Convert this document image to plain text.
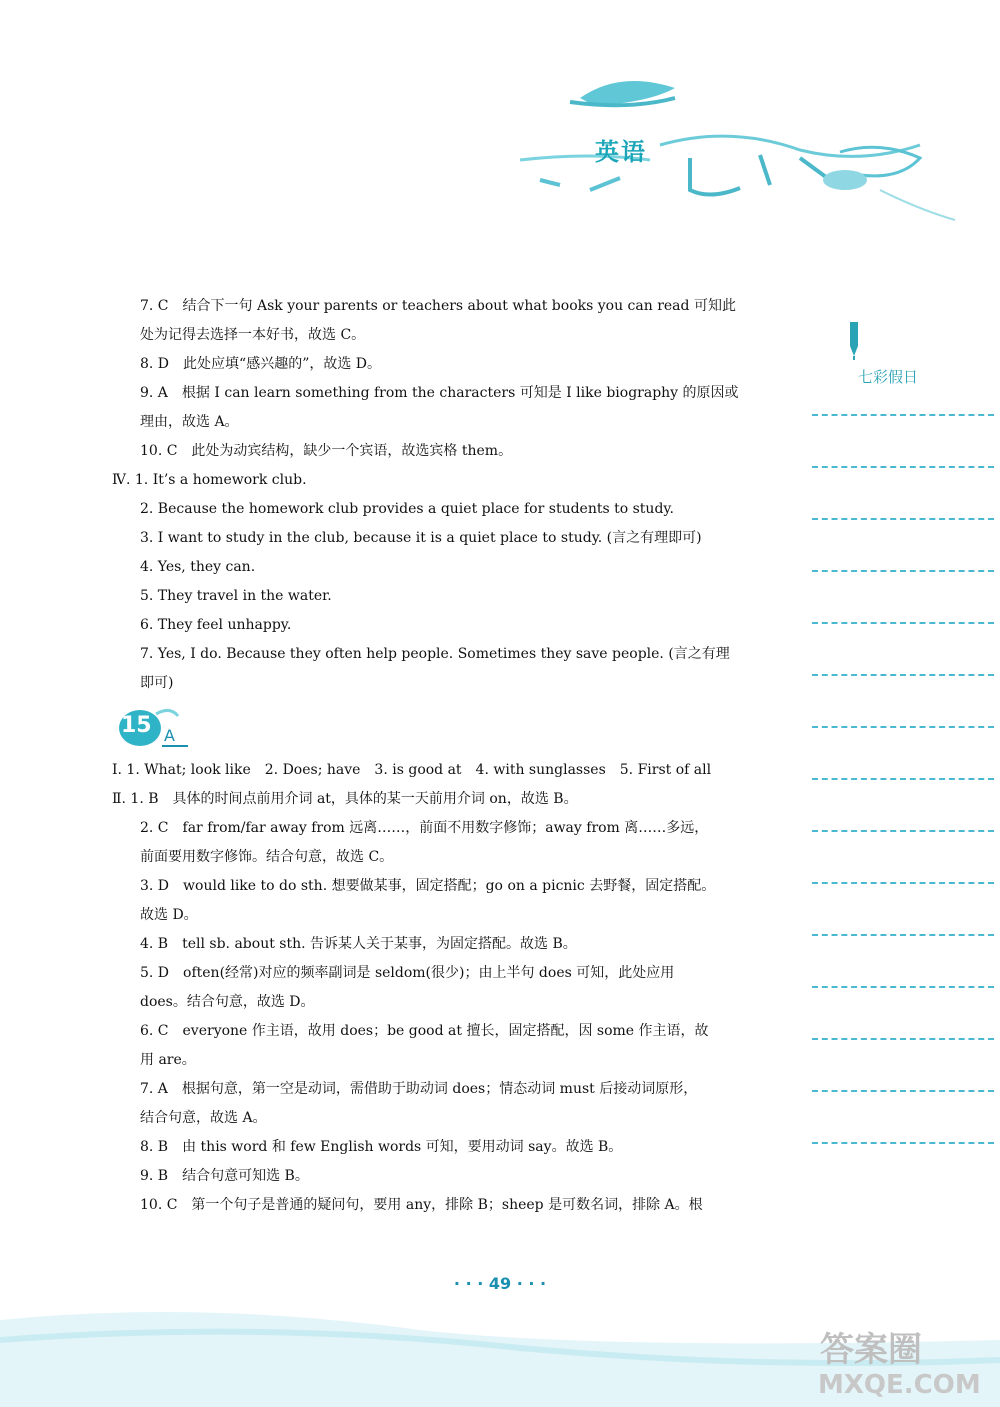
英语
七彩假日
7. C　结合下一句 Ask your parents or teachers about what books you can read 可知此
处为记得去选择一本好书，故选 C。
8. D　此处应填“感兴趣的”，故选 D。
9. A　根据 I can learn something from the characters 可知是 I like biography 的原因或
理由，故选 A。
10. C　此处为动宾结构，缺少一个宾语，故选宾格 them。
Ⅳ. 1. It’s a homework club.
2. Because the homework club provides a quiet place for students to study.
3. I want to study in the club, because it is a quiet place to study. (言之有理即可)
4. Yes, they can.
5. They travel in the water.
6. They feel unhappy.
7. Yes, I do. Because they often help people. Sometimes they save people. (言之有理
即可)
15 A
Ⅰ. 1. What; look like　2. Does; have　3. is good at　4. with sunglasses　5. First of all
Ⅱ. 1. B　具体的时间点前用介词 at，具体的某一天前用介词 on，故选 B。
2. C　far from/far away from 远离……，前面不用数字修饰；away from 离……多远，
前面要用数字修饰。结合句意，故选 C。
3. D　would like to do sth. 想要做某事，固定搭配；go on a picnic 去野餐，固定搭配。
故选 D。
4. B　tell sb. about sth. 告诉某人关于某事，为固定搭配。故选 B。
5. D　often(经常)对应的频率副词是 seldom(很少)；由上半句 does 可知，此处应用
does。结合句意，故选 D。
6. C　everyone 作主语，故用 does；be good at 擅长，固定搭配，因 some 作主语，故
用 are。
7. A　根据句意，第一空是动词，需借助于助动词 does；情态动词 must 后接动词原形，
结合句意，故选 A。
8. B　由 this word 和 few English words 可知，要用动词 say。故选 B。
9. B　结合句意可知选 B。
10. C　第一个句子是普通的疑问句，要用 any，排除 B；sheep 是可数名词，排除 A。根
· · · 49 · · ·
答案圈
MXQE.COM
